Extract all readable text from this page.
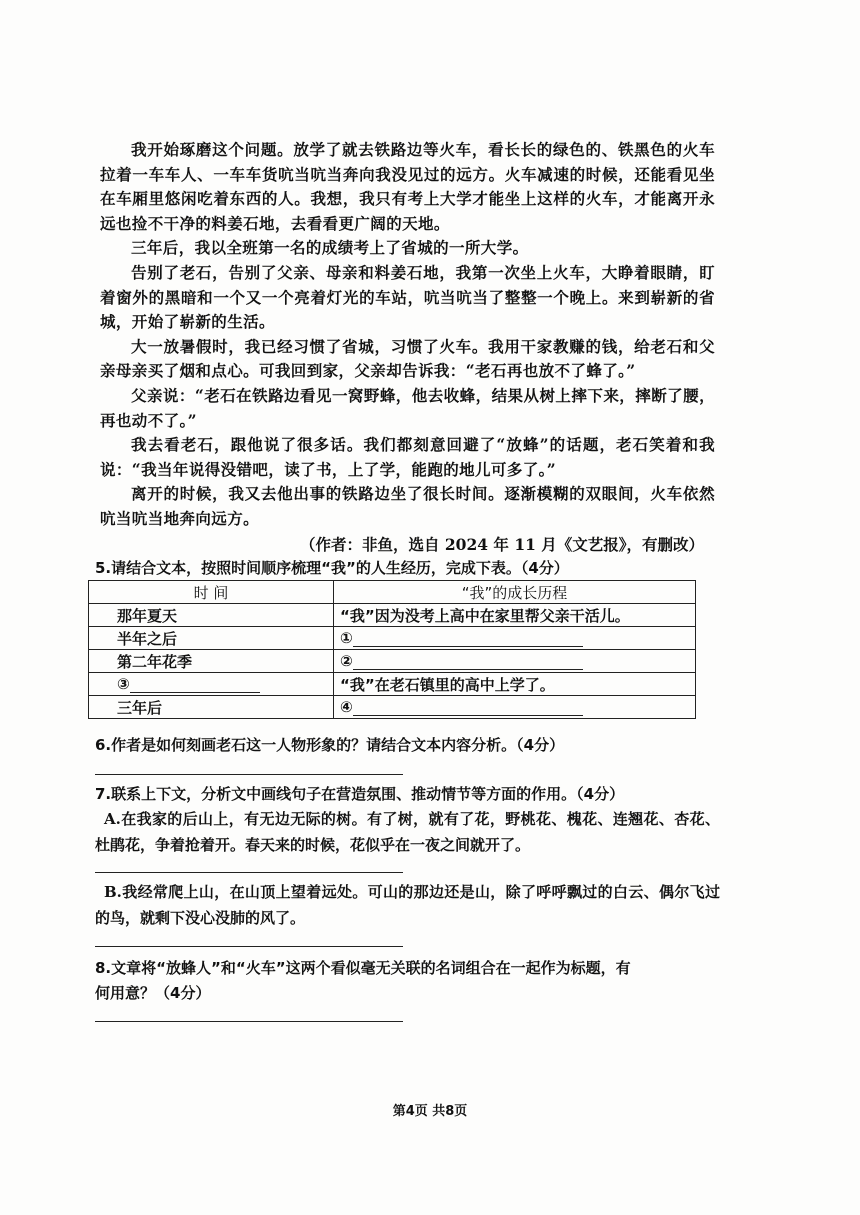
我开始琢磨这个问题。放学了就去铁路边等火车，看长长的绿色的、铁黑色的火车拉着一车车人、一车车货吭当吭当奔向我没见过的远方。火车减速的时候，还能看见坐在车厢里悠闲吃着东西的人。我想，我只有考上大学才能坐上这样的火车，才能离开永远也捡不干净的料姜石地，去看看更广阔的天地。

三年后，我以全班第一名的成绩考上了省城的一所大学。

告别了老石，告别了父亲、母亲和料姜石地，我第一次坐上火车，大睁着眼睛，盯着窗外的黑暗和一个又一个亮着灯光的车站，吭当吭当了整整一个晚上。来到崭新的省城，开始了崭新的生活。

大一放暑假时，我已经习惯了省城，习惯了火车。我用干家教赚的钱，给老石和父亲母亲买了烟和点心。可我回到家，父亲却告诉我：“老石再也放不了蜂了。”

父亲说：“老石在铁路边看见一窝野蜂，他去收蜂，结果从树上摔下来，摔断了腰，再也动不了。”

我去看老石，跟他说了很多话。我们都刻意回避了“放蜂”的话题，老石笑着和我说：“我当年说得没错吧，读了书，上了学，能跑的地儿可多了。”

离开的时候，我又去他出事的铁路边坐了很长时间。逐渐模糊的双眼间，火车依然吭当吭当地奔向远方。

（作者：非鱼，选自 2024 年 11 月《文艺报》，有删改）
5.请结合文本，按照时间顺序梳理“我”的人生经历，完成下表。（4分）
时 间	“我”的成长历程
那年夏天	“我”因为没考上高中在家里帮父亲干活儿。
半年之后	①
第二年花季	②
③	“我”在老石镇里的高中上学了。
三年后	④
6.作者是如何刻画老石这一人物形象的？请结合文本内容分析。（4分）
7.联系上下文，分析文中画线句子在营造氛围、推动情节等方面的作用。（4分）
A.在我家的后山上，有无边无际的树。有了树，就有了花，野桃花、槐花、连翘花、杏花、杜鹃花，争着抢着开。春天来的时候，花似乎在一夜之间就开了。
B.我经常爬上山，在山顶上望着远处。可山的那边还是山，除了呼呼飘过的白云、偶尔飞过的鸟，就剩下没心没肺的风了。
8.文章将“放蜂人”和“火车”这两个看似毫无关联的名词组合在一起作为标题，有
何用意？（4分）
第4页 共8页
